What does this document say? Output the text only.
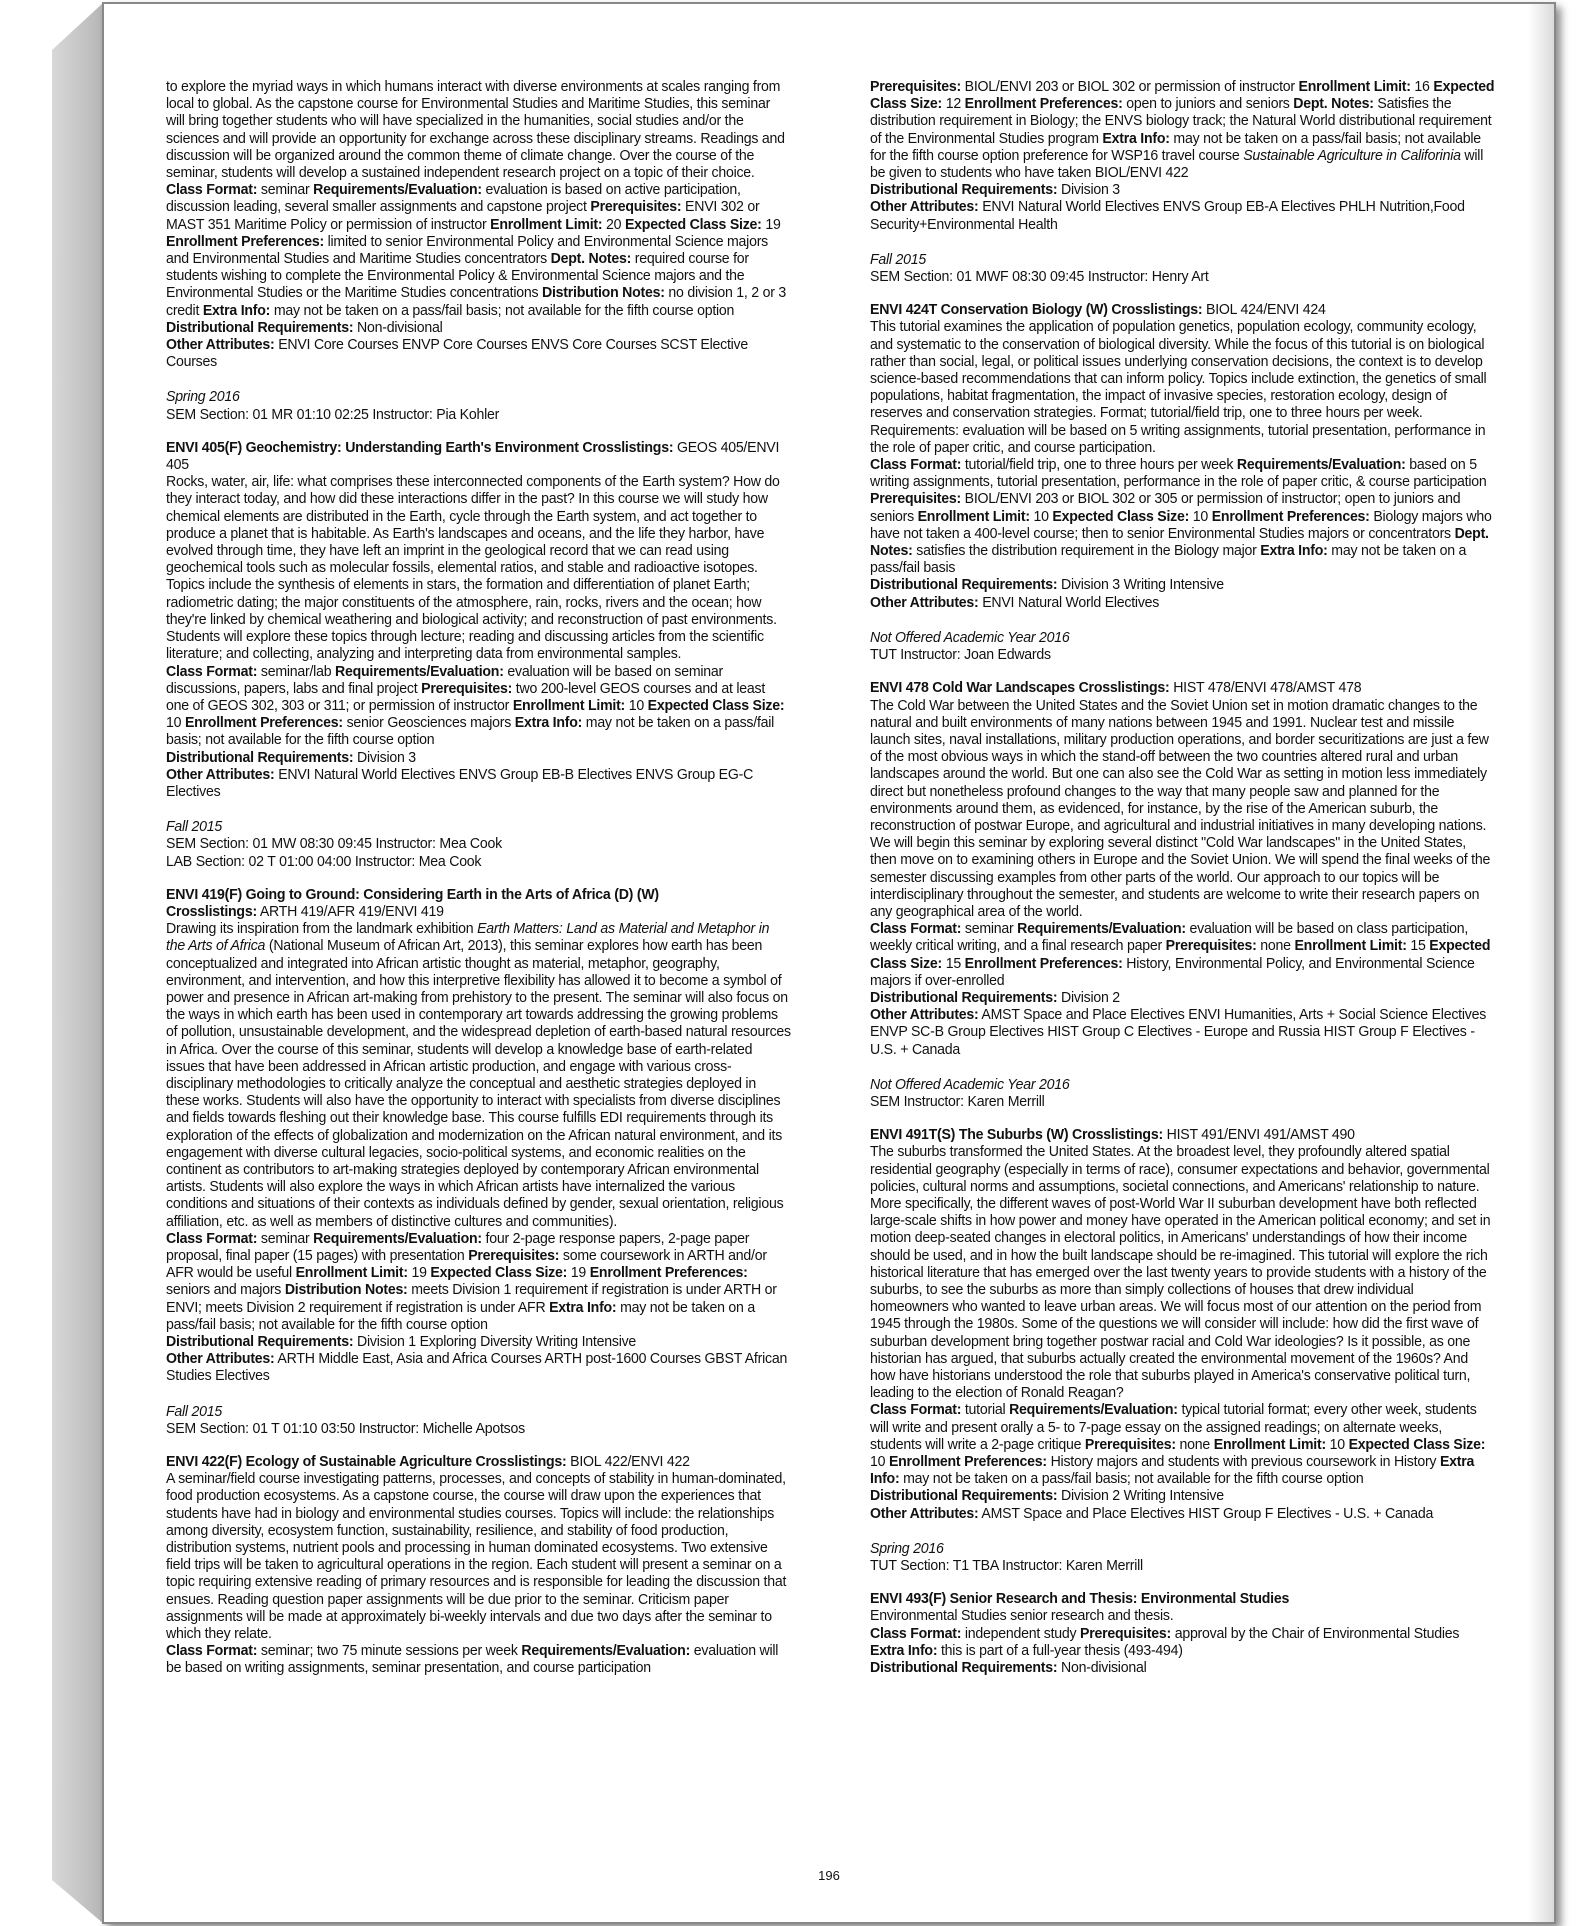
to explore the myriad ways in which humans interact with diverse environments at scales ranging from local to global. As the capstone course for Environmental Studies and Maritime Studies, this seminar will bring together students who will have specialized in the humanities, social studies and/or the sciences and will provide an opportunity for exchange across these disciplinary streams. Readings and discussion will be organized around the common theme of climate change. Over the course of the seminar, students will develop a sustained independent research project on a topic of their choice.

Class Format: seminar Requirements/Evaluation: evaluation is based on active participation, discussion leading, several smaller assignments and capstone project Prerequisites: ENVI 302 or MAST 351 Maritime Policy or permission of instructor Enrollment Limit: 20 Expected Class Size: 19 Enrollment Preferences: limited to senior Environmental Policy and Environmental Science majors and Environmental Studies and Maritime Studies concentrators Dept. Notes: required course for students wishing to complete the Environmental Policy & Environmental Science majors and the Environmental Studies or the Maritime Studies concentrations Distribution Notes: no division 1, 2 or 3 credit Extra Info: may not be taken on a pass/fail basis; not available for the fifth course option

Distributional Requirements: Non-divisional

Other Attributes: ENVI Core Courses ENVP Core Courses ENVS Core Courses SCST Elective Courses

Spring 2016

SEM Section: 01 MR 01:10 02:25 Instructor: Pia Kohler

ENVI 405(F) Geochemistry: Understanding Earth's Environment Crosslistings: GEOS 405/ENVI 405

Rocks, water, air, life: what comprises these interconnected components of the Earth system? How do they interact today, and how did these interactions differ in the past? In this course we will study how chemical elements are distributed in the Earth, cycle through the Earth system, and act together to produce a planet that is habitable. As Earth's landscapes and oceans, and the life they harbor, have evolved through time, they have left an imprint in the geological record that we can read using geochemical tools such as molecular fossils, elemental ratios, and stable and radioactive isotopes. Topics include the synthesis of elements in stars, the formation and differentiation of planet Earth; radiometric dating; the major constituents of the atmosphere, rain, rocks, rivers and the ocean; how they're linked by chemical weathering and biological activity; and reconstruction of past environments. Students will explore these topics through lecture; reading and discussing articles from the scientific literature; and collecting, analyzing and interpreting data from environmental samples.

Class Format: seminar/lab Requirements/Evaluation: evaluation will be based on seminar discussions, papers, labs and final project Prerequisites: two 200-level GEOS courses and at least one of GEOS 302, 303 or 311; or permission of instructor Enrollment Limit: 10 Expected Class Size: 10 Enrollment Preferences: senior Geosciences majors Extra Info: may not be taken on a pass/fail basis; not available for the fifth course option

Distributional Requirements: Division 3

Other Attributes: ENVI Natural World Electives ENVS Group EB-B Electives ENVS Group EG-C Electives

Fall 2015

SEM Section: 01 MW 08:30 09:45 Instructor: Mea Cook

LAB Section: 02 T 01:00 04:00 Instructor: Mea Cook

ENVI 419(F) Going to Ground: Considering Earth in the Arts of Africa (D) (W)
Crosslistings: ARTH 419/AFR 419/ENVI 419

Drawing its inspiration from the landmark exhibition Earth Matters: Land as Material and Metaphor in the Arts of Africa (National Museum of African Art, 2013), this seminar explores how earth has been conceptualized and integrated into African artistic thought as material, metaphor, geography, environment, and intervention, and how this interpretive flexibility has allowed it to become a symbol of power and presence in African art-making from prehistory to the present. The seminar will also focus on the ways in which earth has been used in contemporary art towards addressing the growing problems of pollution, unsustainable development, and the widespread depletion of earth-based natural resources in Africa. Over the course of this seminar, students will develop a knowledge base of earth-related issues that have been addressed in African artistic production, and engage with various cross-disciplinary methodologies to critically analyze the conceptual and aesthetic strategies deployed in these works. Students will also have the opportunity to interact with specialists from diverse disciplines and fields towards fleshing out their knowledge base. This course fulfills EDI requirements through its exploration of the effects of globalization and modernization on the African natural environment, and its engagement with diverse cultural legacies, socio-political systems, and economic realities on the continent as contributors to art-making strategies deployed by contemporary African environmental artists. Students will also explore the ways in which African artists have internalized the various conditions and situations of their contexts as individuals defined by gender, sexual orientation, religious affiliation, etc. as well as members of distinctive cultures and communities).

Class Format: seminar Requirements/Evaluation: four 2-page response papers, 2-page paper proposal, final paper (15 pages) with presentation Prerequisites: some coursework in ARTH and/or AFR would be useful Enrollment Limit: 19 Expected Class Size: 19 Enrollment Preferences: seniors and majors Distribution Notes: meets Division 1 requirement if registration is under ARTH or ENVI; meets Division 2 requirement if registration is under AFR Extra Info: may not be taken on a pass/fail basis; not available for the fifth course option

Distributional Requirements: Division 1 Exploring Diversity Writing Intensive

Other Attributes: ARTH Middle East, Asia and Africa Courses ARTH post-1600 Courses GBST African Studies Electives

Fall 2015

SEM Section: 01 T 01:10 03:50 Instructor: Michelle Apotsos

ENVI 422(F) Ecology of Sustainable Agriculture Crosslistings: BIOL 422/ENVI 422

A seminar/field course investigating patterns, processes, and concepts of stability in human-dominated, food production ecosystems. As a capstone course, the course will draw upon the experiences that students have had in biology and environmental studies courses. Topics will include: the relationships among diversity, ecosystem function, sustainability, resilience, and stability of food production, distribution systems, nutrient pools and processing in human dominated ecosystems. Two extensive field trips will be taken to agricultural operations in the region. Each student will present a seminar on a topic requiring extensive reading of primary resources and is responsible for leading the discussion that ensues. Reading question paper assignments will be due prior to the seminar. Criticism paper assignments will be made at approximately bi-weekly intervals and due two days after the seminar to which they relate.

Class Format: seminar; two 75 minute sessions per week Requirements/Evaluation: evaluation will be based on writing assignments, seminar presentation, and course participation

Prerequisites: BIOL/ENVI 203 or BIOL 302 or permission of instructor Enrollment Limit: 16 Expected Class Size: 12 Enrollment Preferences: open to juniors and seniors Dept. Notes: Satisfies the distribution requirement in Biology; the ENVS biology track; the Natural World distributional requirement of the Environmental Studies program Extra Info: may not be taken on a pass/fail basis; not available for the fifth course option preference for WSP16 travel course Sustainable Agriculture in Califorinia will be given to students who have taken BIOL/ENVI 422

Distributional Requirements: Division 3

Other Attributes: ENVI Natural World Electives ENVS Group EB-A Electives PHLH Nutrition,Food Security+Environmental Health

Fall 2015

SEM Section: 01 MWF 08:30 09:45 Instructor: Henry Art

ENVI 424T Conservation Biology (W) Crosslistings: BIOL 424/ENVI 424

This tutorial examines the application of population genetics, population ecology, community ecology, and systematic to the conservation of biological diversity. While the focus of this tutorial is on biological rather than social, legal, or political issues underlying conservation decisions, the context is to develop science-based recommendations that can inform policy. Topics include extinction, the genetics of small populations, habitat fragmentation, the impact of invasive species, restoration ecology, design of reserves and conservation strategies. Format; tutorial/field trip, one to three hours per week. Requirements: evaluation will be based on 5 writing assignments, tutorial presentation, performance in the role of paper critic, and course participation.

Class Format: tutorial/field trip, one to three hours per week Requirements/Evaluation: based on 5 writing assignments, tutorial presentation, performance in the role of paper critic, & course participation Prerequisites: BIOL/ENVI 203 or BIOL 302 or 305 or permission of instructor; open to juniors and seniors Enrollment Limit: 10 Expected Class Size: 10 Enrollment Preferences: Biology majors who have not taken a 400-level course; then to senior Environmental Studies majors or concentrators Dept. Notes: satisfies the distribution requirement in the Biology major Extra Info: may not be taken on a pass/fail basis

Distributional Requirements: Division 3 Writing Intensive

Other Attributes: ENVI Natural World Electives

Not Offered Academic Year 2016

TUT Instructor: Joan Edwards

ENVI 478 Cold War Landscapes Crosslistings: HIST 478/ENVI 478/AMST 478

The Cold War between the United States and the Soviet Union set in motion dramatic changes to the natural and built environments of many nations between 1945 and 1991. Nuclear test and missile launch sites, naval installations, military production operations, and border securitizations are just a few of the most obvious ways in which the stand-off between the two countries altered rural and urban landscapes around the world. But one can also see the Cold War as setting in motion less immediately direct but nonetheless profound changes to the way that many people saw and planned for the environments around them, as evidenced, for instance, by the rise of the American suburb, the reconstruction of postwar Europe, and agricultural and industrial initiatives in many developing nations. We will begin this seminar by exploring several distinct "Cold War landscapes" in the United States, then move on to examining others in Europe and the Soviet Union. We will spend the final weeks of the semester discussing examples from other parts of the world. Our approach to our topics will be interdisciplinary throughout the semester, and students are welcome to write their research papers on any geographical area of the world.

Class Format: seminar Requirements/Evaluation: evaluation will be based on class participation, weekly critical writing, and a final research paper Prerequisites: none Enrollment Limit: 15 Expected Class Size: 15 Enrollment Preferences: History, Environmental Policy, and Environmental Science majors if over-enrolled

Distributional Requirements: Division 2

Other Attributes: AMST Space and Place Electives ENVI Humanities, Arts + Social Science Electives ENVP SC-B Group Electives HIST Group C Electives - Europe and Russia HIST Group F Electives - U.S. + Canada

Not Offered Academic Year 2016

SEM Instructor: Karen Merrill

ENVI 491T(S) The Suburbs (W) Crosslistings: HIST 491/ENVI 491/AMST 490

The suburbs transformed the United States. At the broadest level, they profoundly altered spatial residential geography (especially in terms of race), consumer expectations and behavior, governmental policies, cultural norms and assumptions, societal connections, and Americans' relationship to nature. More specifically, the different waves of post-World War II suburban development have both reflected large-scale shifts in how power and money have operated in the American political economy; and set in motion deep-seated changes in electoral politics, in Americans' understandings of how their income should be used, and in how the built landscape should be re-imagined. This tutorial will explore the rich historical literature that has emerged over the last twenty years to provide students with a history of the suburbs, to see the suburbs as more than simply collections of houses that drew individual homeowners who wanted to leave urban areas. We will focus most of our attention on the period from 1945 through the 1980s. Some of the questions we will consider will include: how did the first wave of suburban development bring together postwar racial and Cold War ideologies? Is it possible, as one historian has argued, that suburbs actually created the environmental movement of the 1960s? And how have historians understood the role that suburbs played in America's conservative political turn, leading to the election of Ronald Reagan?

Class Format: tutorial Requirements/Evaluation: typical tutorial format; every other week, students will write and present orally a 5- to 7-page essay on the assigned readings; on alternate weeks, students will write a 2-page critique Prerequisites: none Enrollment Limit: 10 Expected Class Size: 10 Enrollment Preferences: History majors and students with previous coursework in History Extra Info: may not be taken on a pass/fail basis; not available for the fifth course option

Distributional Requirements: Division 2 Writing Intensive

Other Attributes: AMST Space and Place Electives HIST Group F Electives - U.S. + Canada

Spring 2016

TUT Section: T1 TBA Instructor: Karen Merrill

ENVI 493(F) Senior Research and Thesis: Environmental Studies

Environmental Studies senior research and thesis.

Class Format: independent study Prerequisites: approval by the Chair of Environmental Studies Extra Info: this is part of a full-year thesis (493-494)

Distributional Requirements: Non-divisional

196
